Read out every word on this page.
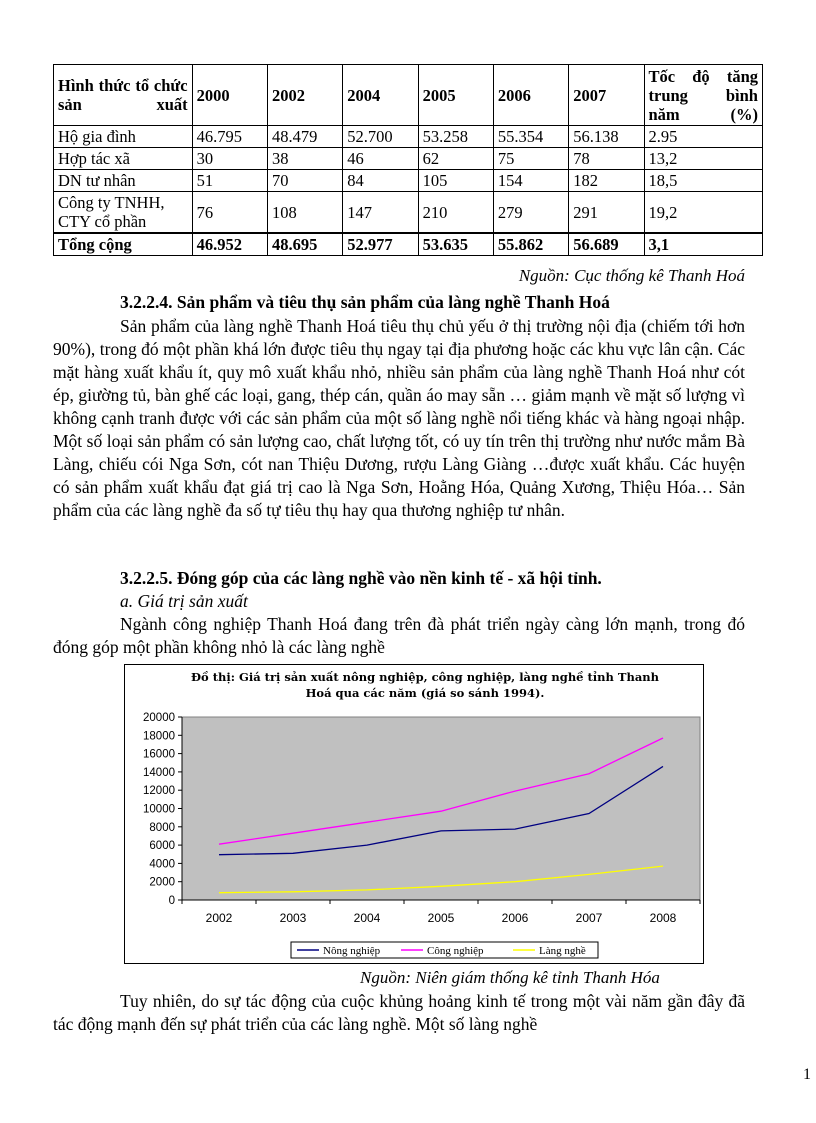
Hình thức tổ chức sản xuất	2000	2002	2004	2005	2006	2007	Tốc độ tăng trung bình năm (%)

Hộ gia đình	46.795	48.479	52.700	53.258	55.354	56.138	2.95
Hợp tác xã	30	38	46	62	75	78	13,2
DN tư nhân	51	70	84	105	154	182	18,5
Công ty TNHH, CTY cổ phần	76	108	147	210	279	291	19,2
Tổng cộng	46.952	48.695	52.977	53.635	55.862	56.689	3,1
Nguồn: Cục thống kê Thanh Hoá
3.2.2.4. Sản phẩm và tiêu thụ sản phẩm của làng nghề Thanh Hoá

Sản phẩm của làng nghề Thanh Hoá tiêu thụ chủ yếu ở thị trường nội địa (chiếm tới hơn 90%), trong đó một phần khá lớn được tiêu thụ ngay tại địa phương hoặc các khu vực lân cận. Các mặt hàng xuất khẩu ít, quy mô xuất khẩu nhỏ, nhiều sản phẩm của làng nghề Thanh Hoá như cót ép, giường tủ, bàn ghế các loại, gang, thép cán, quần áo may sẵn … giảm mạnh về mặt số lượng vì không cạnh tranh được với các sản phẩm của một số làng nghề nổi tiếng khác và hàng ngoại nhập. Một số loại sản phẩm có sản lượng cao, chất lượng tốt, có uy tín trên thị trường như nước mắm Bà Làng, chiếu cói Nga Sơn, cót nan Thiệu Dương, rượu Làng Giàng …được xuất khẩu. Các huyện có sản phẩm xuất khẩu đạt giá trị cao là Nga Sơn, Hoằng Hóa, Quảng Xương, Thiệu Hóa… Sản phẩm của các làng nghề đa số tự tiêu thụ hay qua thương nghiệp tư nhân.

3.2.2.5. Đóng góp của các làng nghề vào nền kinh tế - xã hội tỉnh.
a. Giá trị sản xuất

Ngành công nghiệp Thanh Hoá đang trên đà phát triển ngày càng lớn mạnh, trong đó đóng góp một phần không nhỏ là các làng nghề

Đồ thị: Giá trị sản xuất nông nghiệp, công nghiệp, làng nghề tỉnh Thanh
Hoá qua các năm (giá so sánh 1994).
20000
18000
16000
14000
12000
10000
8000
6000
4000
2000
0
2002	2003	2004	2005	2006	2007	2008
Nông nghiệp	Công nghiệp	Làng nghề
Nguồn: Niên giám thống kê tỉnh Thanh Hóa

Tuy nhiên, do sự tác động của cuộc khủng hoảng kinh tế trong một vài năm gần đây đã tác động mạnh đến sự phát triển của các làng nghề. Một số làng nghề

1
